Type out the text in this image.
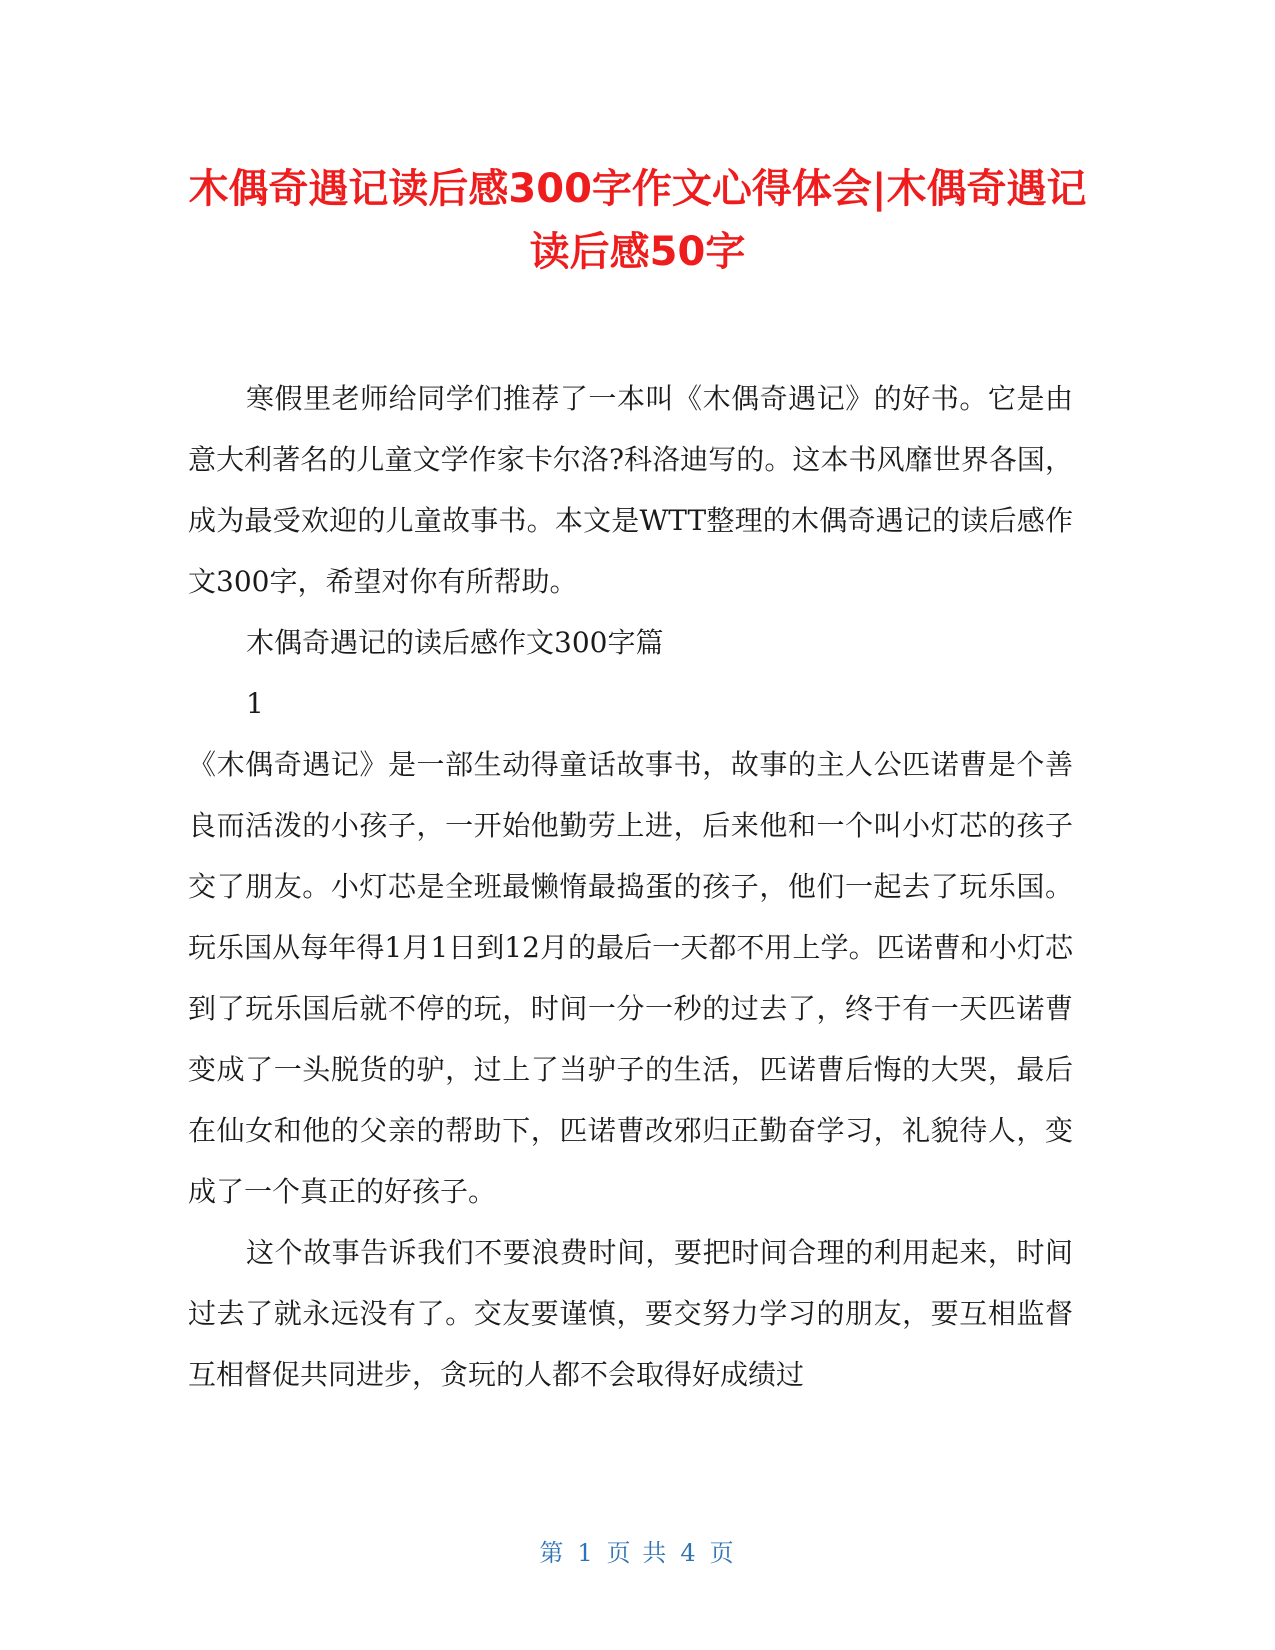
木偶奇遇记读后感300字作文心得体会|木偶奇遇记读后感50字

寒假里老师给同学们推荐了一本叫《木偶奇遇记》的好书。它是由意大利著名的儿童文学作家卡尔洛?科洛迪写的。这本书风靡世界各国，成为最受欢迎的儿童故事书。本文是WTT整理的木偶奇遇记的读后感作文300字，希望对你有所帮助。

木偶奇遇记的读后感作文300字篇

1

《木偶奇遇记》是一部生动得童话故事书，故事的主人公匹诺曹是个善良而活泼的小孩子，一开始他勤劳上进，后来他和一个叫小灯芯的孩子交了朋友。小灯芯是全班最懒惰最捣蛋的孩子，他们一起去了玩乐国。玩乐国从每年得1月1日到12月的最后一天都不用上学。匹诺曹和小灯芯到了玩乐国后就不停的玩，时间一分一秒的过去了，终于有一天匹诺曹变成了一头脱货的驴，过上了当驴子的生活，匹诺曹后悔的大哭，最后在仙女和他的父亲的帮助下，匹诺曹改邪归正勤奋学习，礼貌待人，变成了一个真正的好孩子。

这个故事告诉我们不要浪费时间，要把时间合理的利用起来，时间过去了就永远没有了。交友要谨慎，要交努力学习的朋友，要互相监督互相督促共同进步，贪玩的人都不会取得好成绩过

第 1 页 共 4 页
